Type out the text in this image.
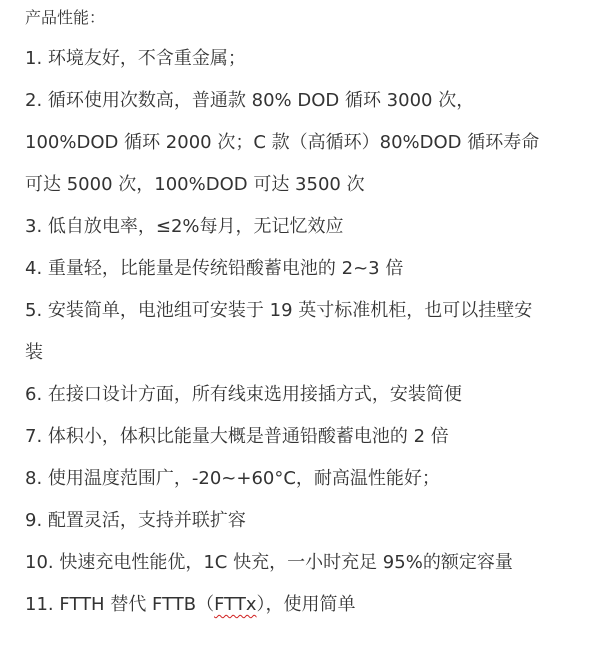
产品性能：
1. 环境友好，不含重金属；
2. 循环使用次数高，普通款 80% DOD 循环 3000 次，
100%DOD 循环 2000 次；C 款（高循环）80%DOD 循环寿命
可达 5000 次，100%DOD 可达 3500 次
3. 低自放电率，≤2%每月，无记忆效应
4. 重量轻，比能量是传统铅酸蓄电池的 2~3 倍
5. 安装简单，电池组可安装于 19 英寸标准机柜，也可以挂壁安
装
6. 在接口设计方面，所有线束选用接插方式，安装简便
7. 体积小，体积比能量大概是普通铅酸蓄电池的 2 倍
8. 使用温度范围广，-20~+60°C，耐高温性能好；
9. 配置灵活，支持并联扩容
10. 快速充电性能优，1C 快充，一小时充足 95%的额定容量
11. FTTH 替代 FTTB（FTTx），使用简单
